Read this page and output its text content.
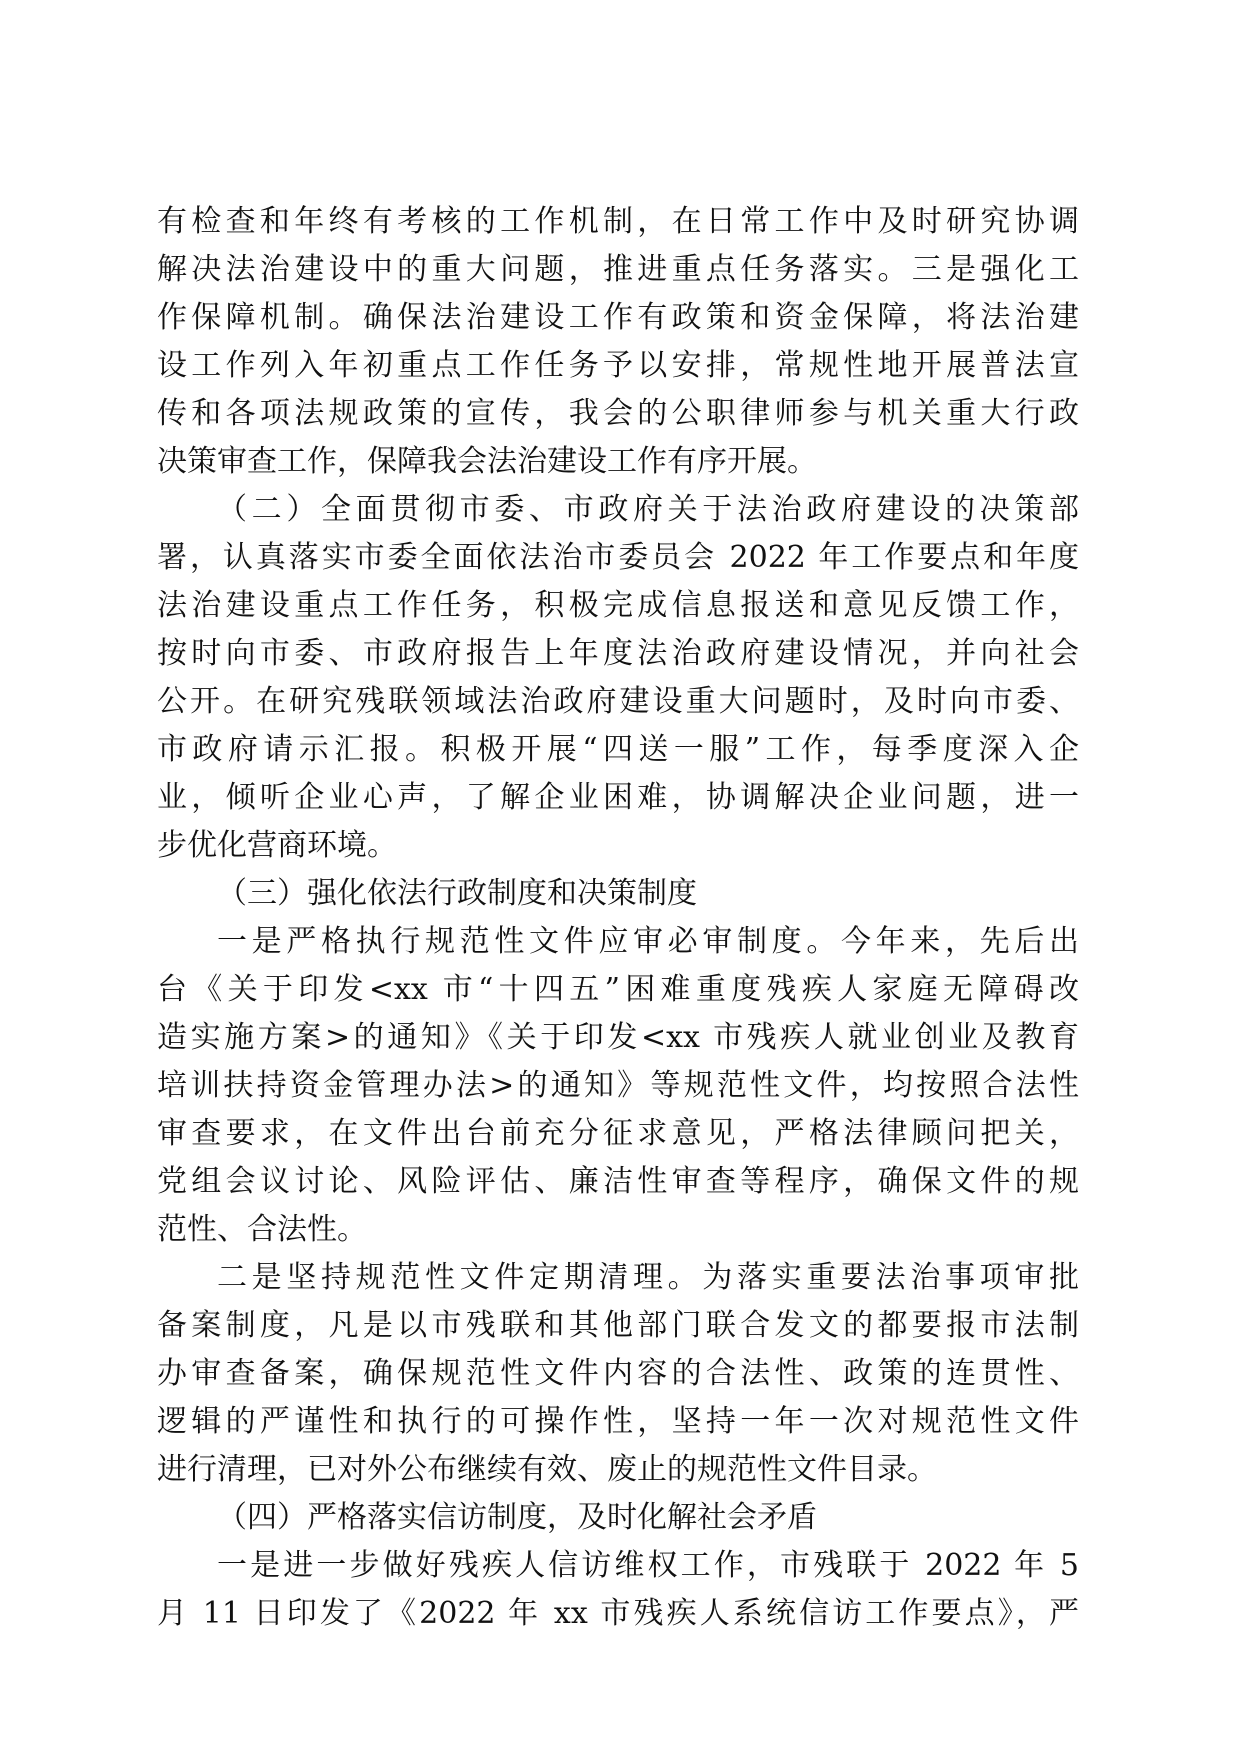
有检查和年终有考核的工作机制，在日常工作中及时研究协调
解决法治建设中的重大问题，推进重点任务落实。三是强化工
作保障机制。确保法治建设工作有政策和资金保障，将法治建
设工作列入年初重点工作任务予以安排，常规性地开展普法宣
传和各项法规政策的宣传，我会的公职律师参与机关重大行政
决策审查工作，保障我会法治建设工作有序开展。
（二）全面贯彻市委、市政府关于法治政府建设的决策部
署，认真落实市委全面依法治市委员会 2022 年工作要点和年度
法治建设重点工作任务，积极完成信息报送和意见反馈工作，
按时向市委、市政府报告上年度法治政府建设情况，并向社会
公开。在研究残联领域法治政府建设重大问题时，及时向市委、
市政府请示汇报。积极开展“四送一服”工作，每季度深入企
业，倾听企业心声，了解企业困难，协调解决企业问题，进一
步优化营商环境。
（三）强化依法行政制度和决策制度
一是严格执行规范性文件应审必审制度。今年来，先后出
台《关于印发<xx 市“十四五”困难重度残疾人家庭无障碍改
造实施方案>的通知》《关于印发<xx 市残疾人就业创业及教育
培训扶持资金管理办法>的通知》等规范性文件，均按照合法性
审查要求，在文件出台前充分征求意见，严格法律顾问把关，
党组会议讨论、风险评估、廉洁性审查等程序，确保文件的规
范性、合法性。
二是坚持规范性文件定期清理。为落实重要法治事项审批
备案制度，凡是以市残联和其他部门联合发文的都要报市法制
办审查备案，确保规范性文件内容的合法性、政策的连贯性、
逻辑的严谨性和执行的可操作性，坚持一年一次对规范性文件
进行清理，已对外公布继续有效、废止的规范性文件目录。
（四）严格落实信访制度，及时化解社会矛盾
一是进一步做好残疾人信访维权工作，市残联于 2022 年 5
月 11 日印发了《2022 年 xx 市残疾人系统信访工作要点》，严
